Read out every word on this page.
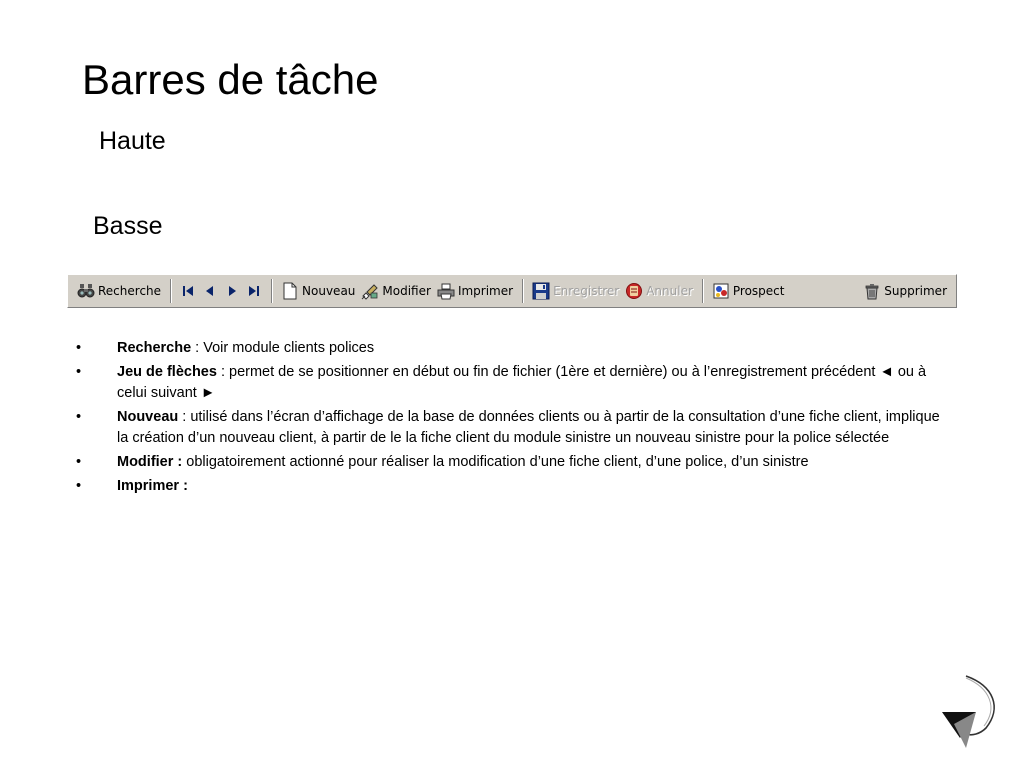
Barres de tâche
Haute
Basse
Recherche	Nouveau Modifier Imprimer	Enregistrer Annuler	Prospect	Supprimer
• Recherche : Voir module clients polices
• Jeu de flèches : permet de se positionner en début ou fin de fichier (1ère et dernière) ou à l’enregistrement précédent ◄ ou à celui suivant ►
• Nouveau : utilisé dans l’écran d’affichage de la base de données clients ou à partir de la consultation d’une fiche client, implique la création d’un nouveau client, à partir de le la fiche client du module sinistre un nouveau sinistre pour la police sélectée
• Modifier : obligatoirement actionné pour réaliser la modification d’une fiche client, d’une police, d’un sinistre
• Imprimer :
